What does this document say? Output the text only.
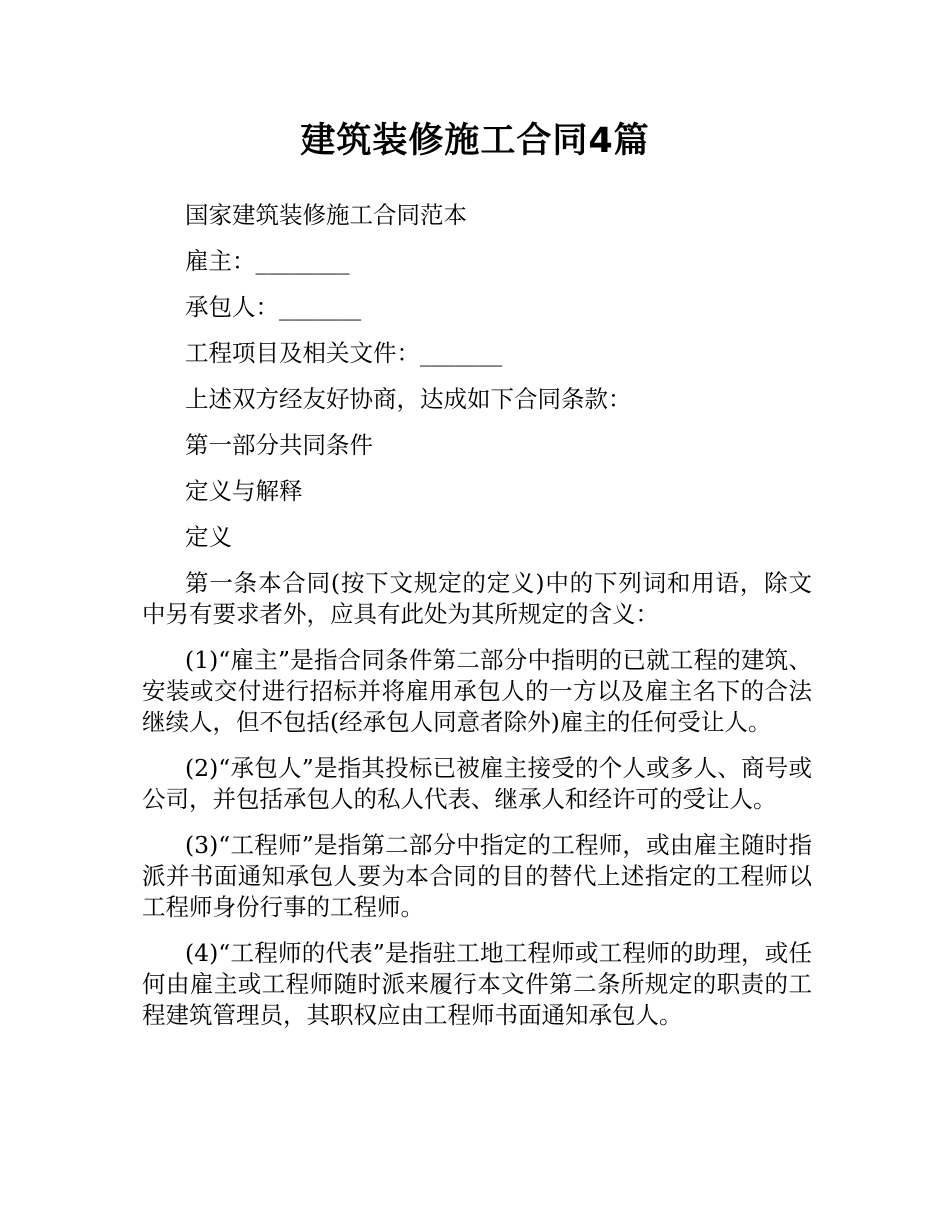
建筑装修施工合同4篇

国家建筑装修施工合同范本

雇主：________

承包人：_______

工程项目及相关文件：_______

上述双方经友好协商，达成如下合同条款：

第一部分共同条件

定义与解释

定义

第一条本合同(按下文规定的定义)中的下列词和用语，除文中另有要求者外，应具有此处为其所规定的含义：

(1)“雇主”是指合同条件第二部分中指明的已就工程的建筑、安装或交付进行招标并将雇用承包人的一方以及雇主名下的合法继续人，但不包括(经承包人同意者除外)雇主的任何受让人。

(2)“承包人”是指其投标已被雇主接受的个人或多人、商号或公司，并包括承包人的私人代表、继承人和经许可的受让人。

(3)“工程师”是指第二部分中指定的工程师，或由雇主随时指派并书面通知承包人要为本合同的目的替代上述指定的工程师以工程师身份行事的工程师。

(4)“工程师的代表”是指驻工地工程师或工程师的助理，或任何由雇主或工程师随时派来履行本文件第二条所规定的职责的工程建筑管理员，其职权应由工程师书面通知承包人。
